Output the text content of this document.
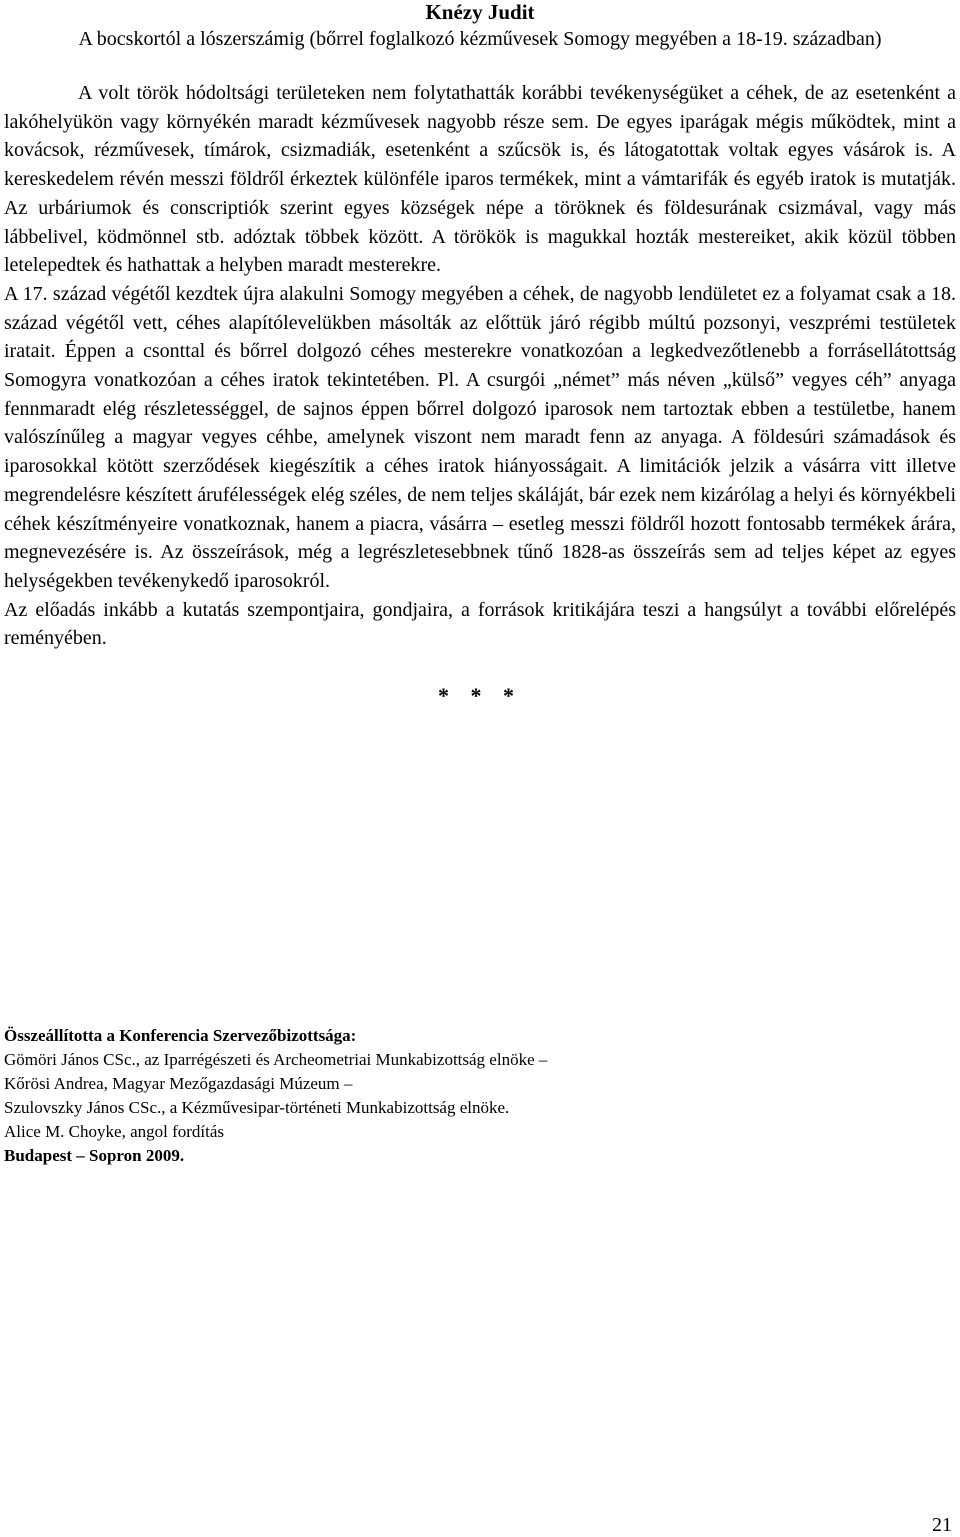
Knézy Judit
A bocskortól a lószerszámig (bőrrel foglalkozó kézművesek Somogy megyében a 18-19. században)

A volt török hódoltsági területeken nem folytathatták korábbi tevékenységüket a céhek, de az esetenként a lakóhelyükön vagy környékén maradt kézművesek nagyobb része sem. De egyes iparágak mégis működtek, mint a kovácsok, rézművesek, tímárok, csizmadiák, esetenként a szűcsök is, és látogatottak voltak egyes vásárok is. A kereskedelem révén messzi földről érkeztek különféle iparos termékek, mint a vámtarifák és egyéb iratok is mutatják. Az urbáriumok és conscriptiók szerint egyes községek népe a töröknek és földesurának csizmával, vagy más lábbelivel, ködmönnel stb. adóztak többek között. A törökök is magukkal hozták mestereiket, akik közül többen letelepedtek és hathattak a helyben maradt mesterekre.

A 17. század végétől kezdtek újra alakulni Somogy megyében a céhek, de nagyobb lendületet ez a folyamat csak a 18. század végétől vett, céhes alapítólevelükben másolták az előttük járó régibb múltú pozsonyi, veszprémi testületek iratait. Éppen a csonttal és bőrrel dolgozó céhes mesterekre vonatkozóan a legkedvezőtlenebb a forrásellátottság Somogyra vonatkozóan a céhes iratok tekintetében. Pl. A csurgói „német” más néven „külső” vegyes céh” anyaga fennmaradt elég részletességgel, de sajnos éppen bőrrel dolgozó iparosok nem tartoztak ebben a testületbe, hanem valószínűleg a magyar vegyes céhbe, amelynek viszont nem maradt fenn az anyaga. A földesúri számadások és iparosokkal kötött szerződések kiegészítik a céhes iratok hiányosságait. A limitációk jelzik a vásárra vitt illetve megrendelésre készített árufélességek elég széles, de nem teljes skáláját, bár ezek nem kizárólag a helyi és környékbeli céhek készítményeire vonatkoznak, hanem a piacra, vásárra – esetleg messzi földről hozott fontosabb termékek árára, megnevezésére is. Az összeírások, még a legrészletesebbnek tűnő 1828-as összeírás sem ad teljes képet az egyes helységekben tevékenykedő iparosokról.

Az előadás inkább a kutatás szempontjaira, gondjaira, a források kritikájára teszi a hangsúlyt a további előrelépés reményében.

* * *
Összeállította a Konferencia Szervezőbizottsága:
Gömöri János CSc., az Iparrégészeti és Archeometriai Munkabizottság elnöke –
Kőrösi Andrea, Magyar Mezőgazdasági Múzeum –
Szulovszky János CSc., a Kézművesipar-történeti Munkabizottság elnöke.
Alice M. Choyke, angol fordítás
Budapest – Sopron 2009.
21
